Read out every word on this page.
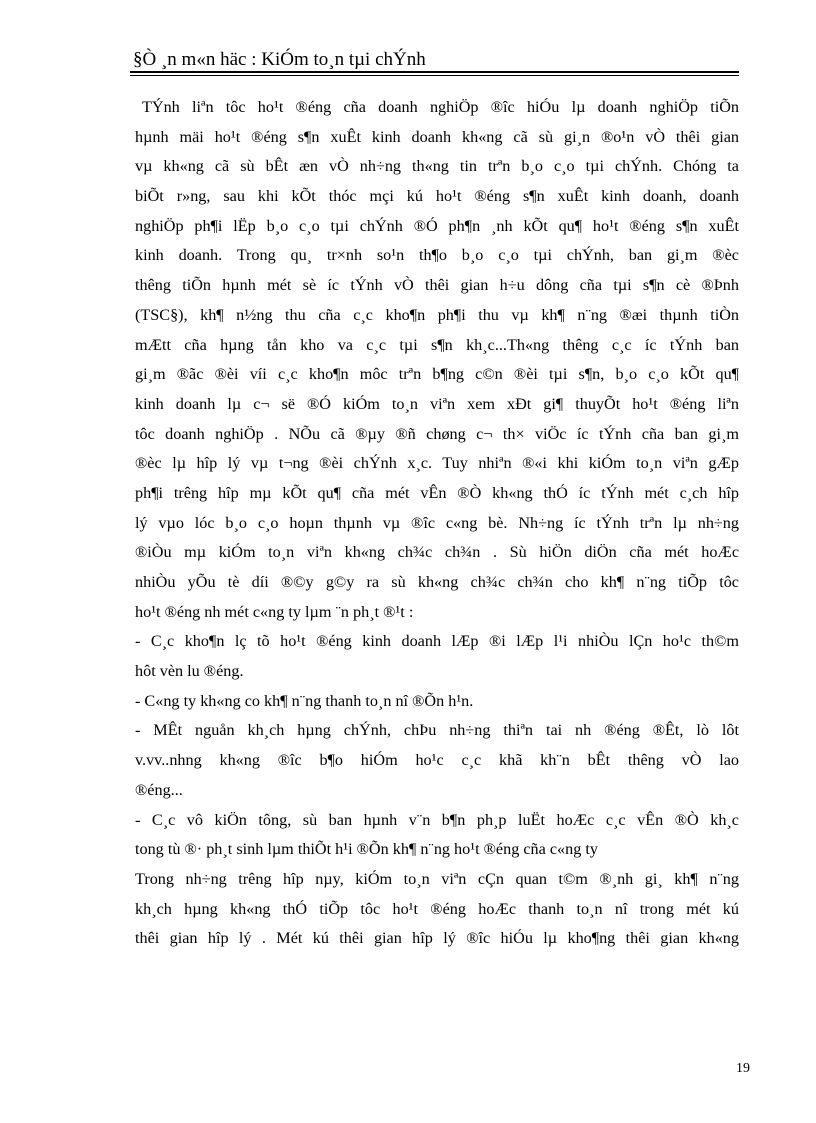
§Ò ¸n m«n häc : KiÓm to¸n tµi chÝnh
TÝnh liªn tôc ho¹t ®éng cña doanh nghiÖp ®îc hiÓu lµ doanh nghiÖp tiÕn
hµnh mäi ho¹t ®éng s¶n xuÊt kinh doanh kh«ng cã sù gi¸n ®o¹n vÒ thêi gian
vµ kh«ng cã sù bÊt æn vÒ nh÷ng th«ng tin trªn b¸o c¸o tµi chÝnh. Chóng ta
biÕt r»ng, sau khi kÕt thóc mçi kú ho¹t ®éng s¶n xuÊt kinh doanh, doanh
nghiÖp ph¶i lËp b¸o c¸o tµi chÝnh ®Ó ph¶n ¸nh kÕt qu¶ ho¹t ®éng s¶n xuÊt
kinh doanh. Trong qu¸ tr×nh so¹n th¶o b¸o c¸o tµi chÝnh, ban gi¸m ®èc
thêng tiÕn hµnh mét sè íc tÝnh vÒ thêi gian h÷u dông cña tµi s¶n cè ®Þnh
(TSC§), kh¶ n½ng thu cña c¸c kho¶n ph¶i thu vµ kh¶ n¨ng ®æi thµnh tiÒn
mÆtt cña hµng tån kho va c¸c tµi s¶n kh¸c...Th«ng thêng c¸c íc tÝnh ban
gi¸m ®ãc ®èi víi c¸c kho¶n môc trªn b¶ng c©n ®èi tµi s¶n, b¸o c¸o kÕt qu¶
kinh doanh lµ c¬ së ®Ó kiÓm to¸n viªn xem xÐt gi¶ thuyÕt ho¹t ®éng liªn
tôc doanh nghiÖp . NÕu cã ®µy ®ñ chøng c¬ th× viÖc íc tÝnh cña ban gi¸m
®èc lµ hîp lý vµ t¬ng ®èi chÝnh x¸c. Tuy nhiªn ®«i khi kiÓm to¸n viªn gÆp
ph¶i trêng hîp mµ kÕt qu¶ cña mét vÊn ®Ò kh«ng thÓ íc tÝnh mét c¸ch hîp
lý vµo lóc b¸o c¸o hoµn thµnh vµ ®îc c«ng bè. Nh÷ng íc tÝnh trªn lµ nh÷ng
®iÒu mµ kiÓm to¸n viªn kh«ng ch¾c ch¾n . Sù hiÖn diÖn cña mét hoÆc
nhiÒu yÕu tè díi ®©y g©y ra sù kh«ng ch¾c ch¾n cho kh¶ n¨ng tiÕp tôc
ho¹t ®éng nh mét c«ng ty lµm ¨n ph¸t ®¹t :
- C¸c kho¶n lç tõ ho¹t ®éng kinh doanh lÆp ®i lÆp l¹i nhiÒu lÇn ho¹c th©m
hôt vèn lu ®éng.
- C«ng ty kh«ng co kh¶ n¨ng thanh to¸n nî ®Õn h¹n.
- MÊt nguån kh¸ch hµng chÝnh, chÞu nh÷ng thiªn tai nh ®éng ®Êt, lò lôt
v.vv..nhng kh«ng ®îc b¶o hiÓm ho¹c c¸c khã kh¨n bÊt thêng vÒ lao
®éng...
- C¸c vô kiÖn tông, sù ban hµnh v¨n b¶n ph¸p luËt hoÆc c¸c vÊn ®Ò kh¸c
tong tù ®· ph¸t sinh lµm thiÕt h¹i ®Õn kh¶ n¨ng ho¹t ®éng cña c«ng ty
Trong nh÷ng trêng hîp nµy, kiÓm to¸n viªn cÇn quan t©m ®¸nh gi¸ kh¶ n¨ng
kh¸ch hµng kh«ng thÓ tiÕp tôc ho¹t ®éng hoÆc thanh to¸n nî trong mét kú
thêi gian hîp lý . Mét kú thêi gian hîp lý ®îc hiÓu lµ kho¶ng thêi gian kh«ng
19
